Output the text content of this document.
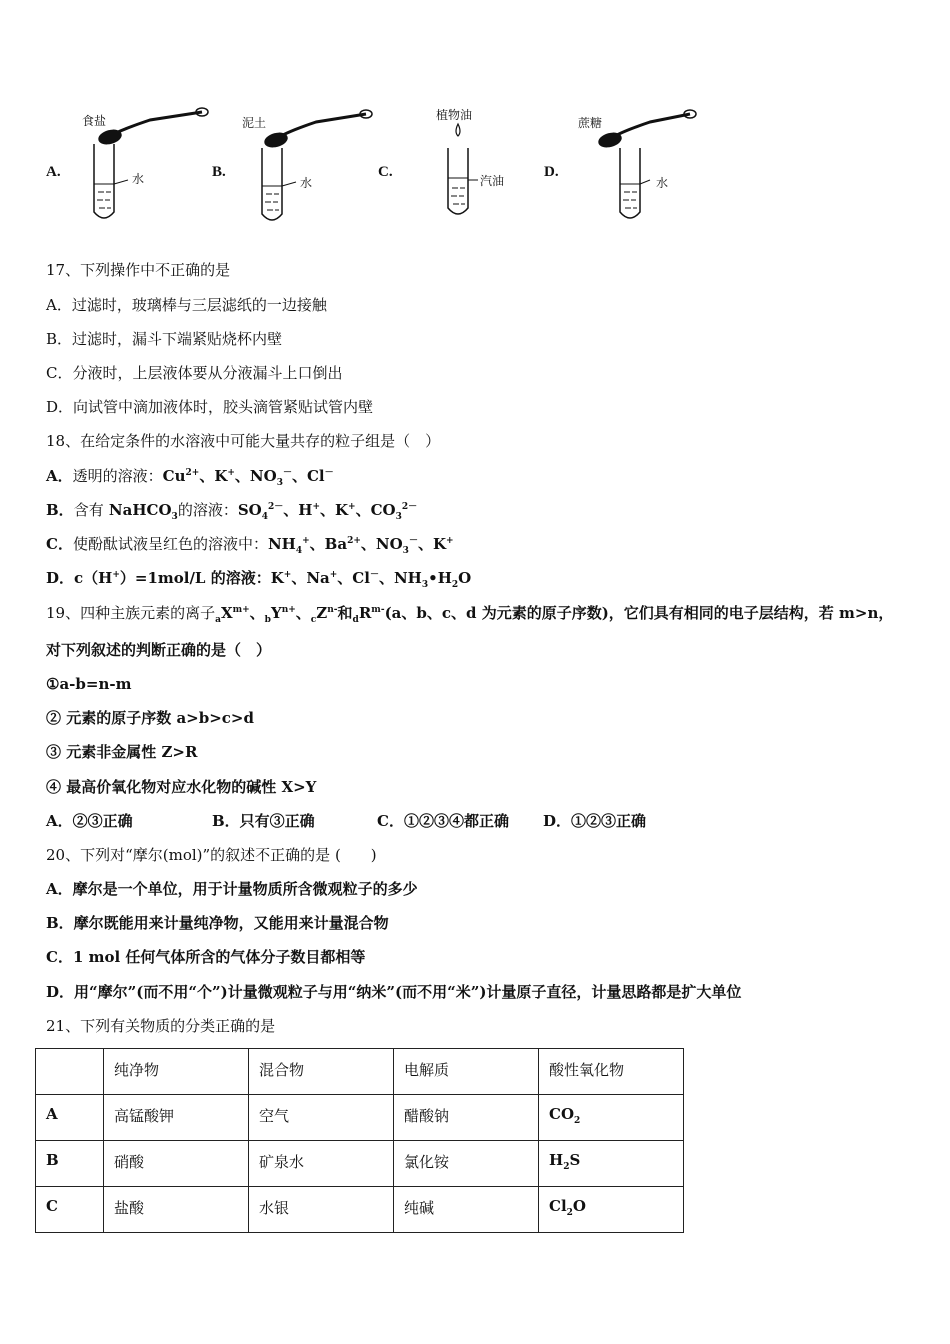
A.
食盐
水	B.
泥土
水
C.
植物油
汽油
D.
蔗糖
水
17、下列操作中不正确的是
A．过滤时，玻璃棒与三层滤纸的一边接触
B．过滤时，漏斗下端紧贴烧杯内壁
C．分液时，上层液体要从分液漏斗上口倒出
D．向试管中滴加液体时，胶头滴管紧贴试管内壁
18、在给定条件的水溶液中可能大量共存的粒子组是（　）
A．透明的溶液：$Cu^{2+}$、K+、$NO_3^-$、Cl－
B．含有 NaHCO$_3$的溶液：$SO_4^{2-}$、H+、K+、$CO_3^{2-}$
C．使酚酞试液呈红色的溶液中：$NH_4^+$、$Ba^{2+}$、$NO_3^-$、K+
D．c（H+）=1mol/L 的溶液：K+、Na+、Cl－、$NH_3•H_2O$
19、四种主族元素的离子$_aX^{m+}$、$_bY^{n+}$、$_cZ^{n-}$和$_dR^{m-}(a$、b、c、d 为元素的原子序数)，它们具有相同的电子层结构，若 m>n，
对下列叙述的判断正确的是（　）
①a-b=n-m
② 元素的原子序数 a>b>c>d
③ 元素非金属性 Z>R
④ 最高价氧化物对应水化物的碱性 X>Y
A．②③正确	B．只有③正确	C．①②③④都正确 D．①②③正确
20、下列对“摩尔(mol)”的叙述不正确的是 (　　)
A．摩尔是一个单位，用于计量物质所含微观粒子的多少
B．摩尔既能用来计量纯净物，又能用来计量混合物
C．1 mol 任何气体所含的气体分子数目都相等
D．用“摩尔”(而不用“个”)计量微观粒子与用“纳米”(而不用“米”)计量原子直径，计量思路都是扩大单位
21、下列有关物质的分类正确的是
	纯净物	混合物	电解质	酸性氧化物
A	高锰酸钾	空气	醋酸钠	$CO_2$
B	硝酸	矿泉水	氯化铵	$H_2S$
C	盐酸	水银	纯碱	$Cl_2O$
